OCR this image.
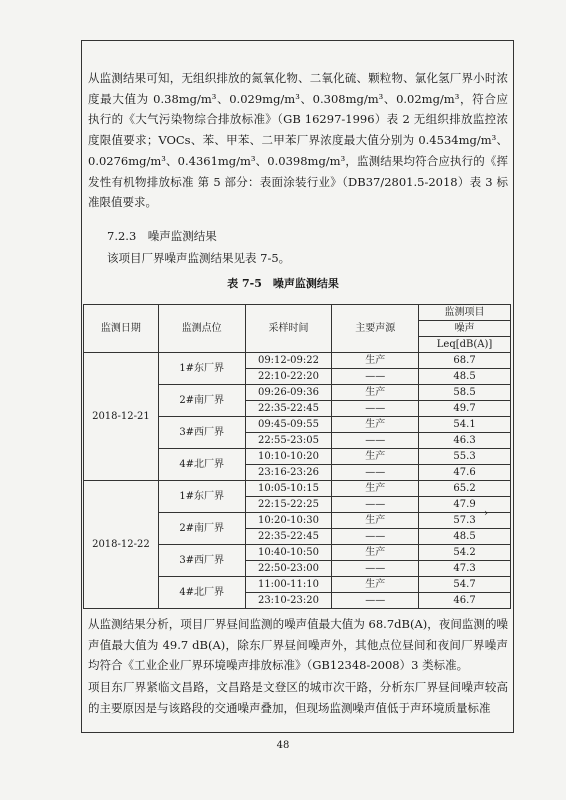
从监测结果可知，无组织排放的氮氧化物、二氧化硫、颗粒物、氯化氢厂界小时浓度最大值为 0.38mg/m³、0.029mg/m³、0.308mg/m³、0.02mg/m³，符合应执行的《大气污染物综合排放标准》（GB 16297-1996）表 2 无组织排放监控浓度限值要求；VOCs、苯、甲苯、二甲苯厂界浓度最大值分别为 0.4534mg/m³、0.0276mg/m³、0.4361mg/m³、0.0398mg/m³，监测结果均符合应执行的《挥发性有机物排放标准 第 5 部分：表面涂装行业》（DB37/2801.5-2018）表 3 标准限值要求。

7.2.3　噪声监测结果

该项目厂界噪声监测结果见表 7-5。

表 7-5　噪声监测结果
监测日期	监测点位	采样时间	主要声源	监测项目
				噪声
				Leq[dB(A)]
2018-12-21	1#东厂界	09:12-09:22	生产	68.7
		22:10-22:20	——	48.5
	2#南厂界	09:26-09:36	生产	58.5
		22:35-22:45	——	49.7
	3#西厂界	09:45-09:55	生产	54.1
		22:55-23:05	——	46.3
	4#北厂界	10:10-10:20	生产	55.3
		23:16-23:26	——	47.6
2018-12-22	1#东厂界	10:05-10:15	生产	65.2
		22:15-22:25	——	47.9
	2#南厂界	10:20-10:30	生产	57.3
		22:35-22:45	——	48.5
	3#西厂界	10:40-10:50	生产	54.2
		22:50-23:00	——	47.3
	4#北厂界	11:00-11:10	生产	54.7
		23:10-23:20	——	46.7

从监测结果分析，项目厂界昼间监测的噪声值最大值为 68.7dB(A)，夜间监测的噪声值最大值为 49.7 dB(A)，除东厂界昼间噪声外，其他点位昼间和夜间厂界噪声均符合《工业企业厂界环境噪声排放标准》（GB12348-2008）3 类标准。

项目东厂界紧临文昌路，文昌路是文登区的城市次干路，分析东厂界昼间噪声较高的主要原因是与该路段的交通噪声叠加，但现场监测噪声值低于声环境质量标准

›
48
